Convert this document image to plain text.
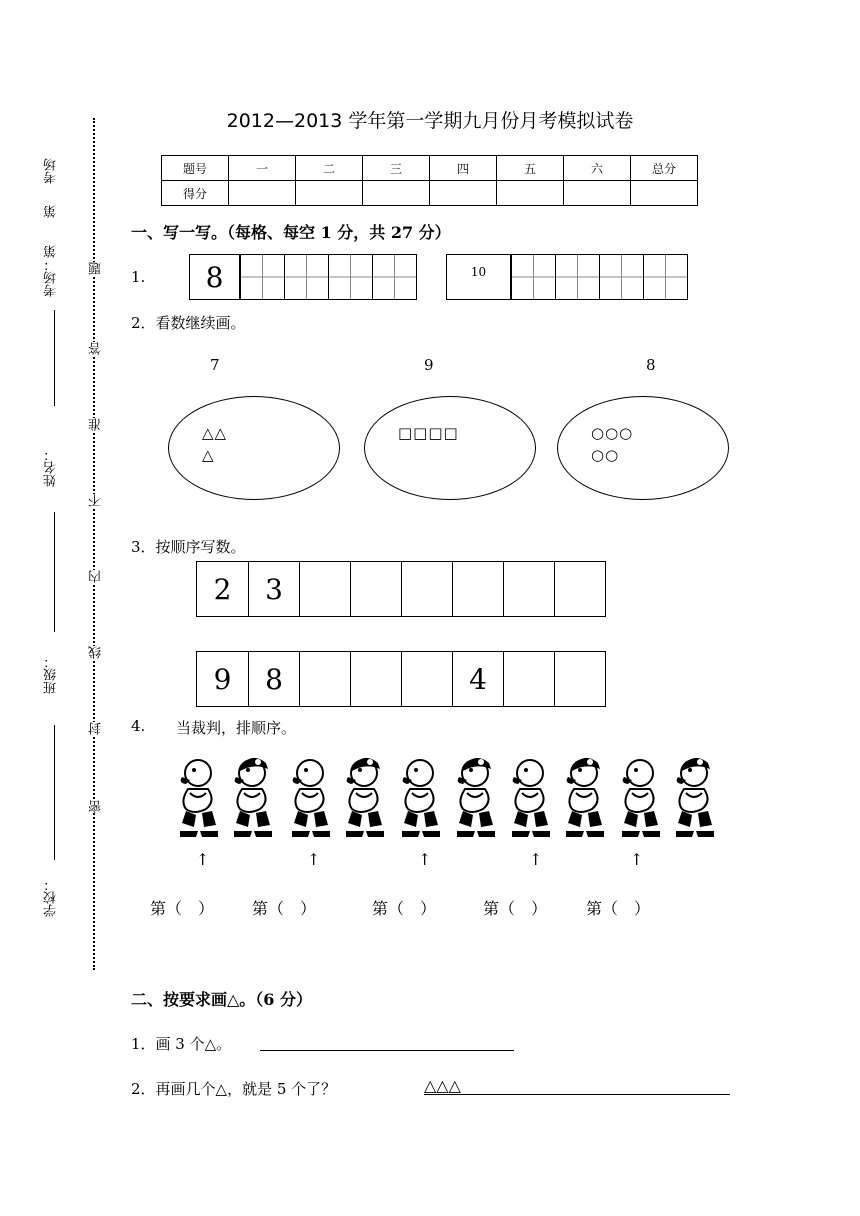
考场
第
考场：第
姓名：
班级：
学校：
题
答
准
不
内
线
封
密
2012—2013 学年第一学期九月份月考模拟试卷
题号	一	二	三	四	五	六	总分
得分							
一、写一写。（每格、每空 1 分，共 27 分）
1.	8	10
2．看数继续画。
7	9	8
△△
△
□□□□	○○○
○○
3．按顺序写数。
2	3
9	8	4
4. 当裁判，排顺序。
↑	↑	↑	↑	↑
第（　） 第（　）	第（　）	第（　） 第（　）
二、按要求画△。（6 分）
1．画 3 个△。
2．再画几个△，就是 5 个了？	△△△
